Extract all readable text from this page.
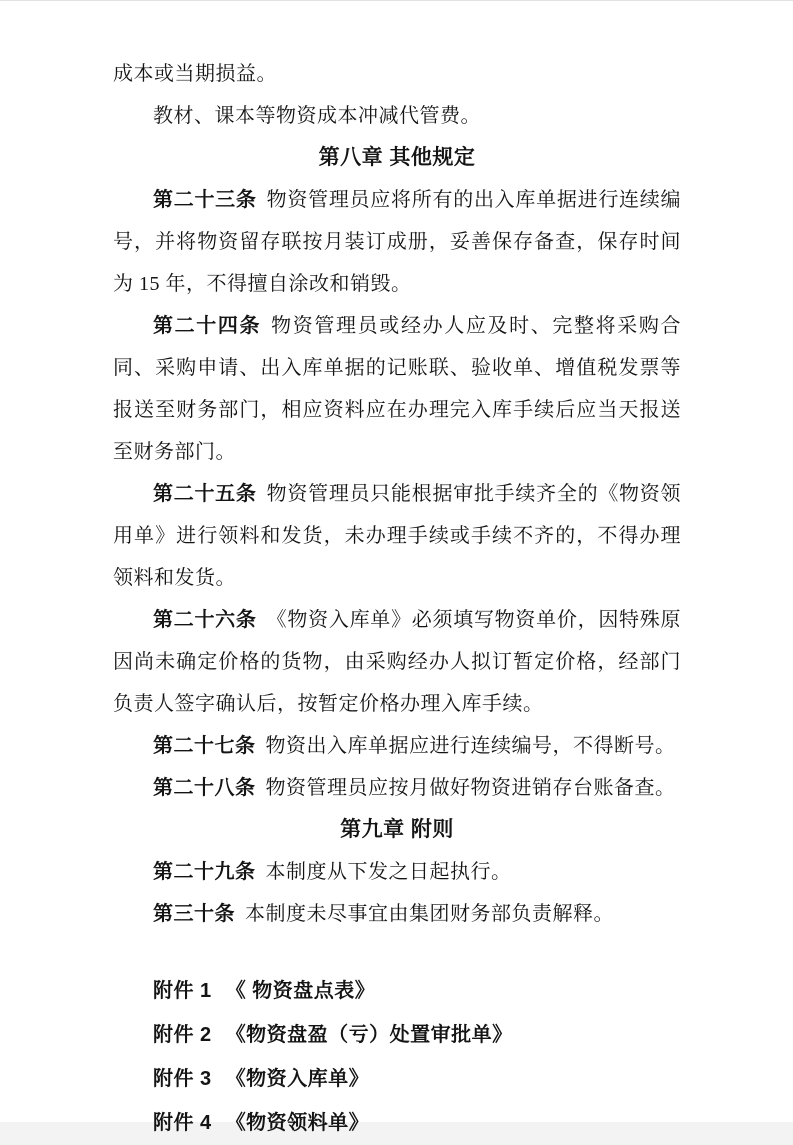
成本或当期损益。

教材、课本等物资成本冲减代管费。

第八章 其他规定

第二十三条 物资管理员应将所有的出入库单据进行连续编号，并将物资留存联按月装订成册，妥善保存备查，保存时间为 15 年，不得擅自涂改和销毁。

第二十四条 物资管理员或经办人应及时、完整将采购合同、采购申请、出入库单据的记账联、验收单、增值税发票等报送至财务部门，相应资料应在办理完入库手续后应当天报送至财务部门。

第二十五条 物资管理员只能根据审批手续齐全的《物资领用单》进行领料和发货，未办理手续或手续不齐的，不得办理领料和发货。

第二十六条 《物资入库单》必须填写物资单价，因特殊原因尚未确定价格的货物，由采购经办人拟订暂定价格，经部门负责人签字确认后，按暂定价格办理入库手续。

第二十七条 物资出入库单据应进行连续编号，不得断号。

第二十八条 物资管理员应按月做好物资进销存台账备查。

第九章 附则

第二十九条 本制度从下发之日起执行。

第三十条 本制度未尽事宜由集团财务部负责解释。

附件 1 《 物资盘点表》

附件 2 《物资盘盈（亏）处置审批单》

附件 3 《物资入库单》

附件 4 《物资领料单》
